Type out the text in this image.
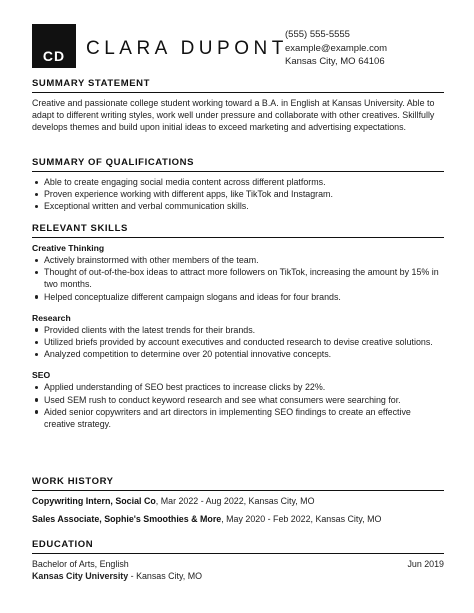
CD	CLARA DUPONT
(555) 555-5555
example@example.com
Kansas City, MO 64106
SUMMARY STATEMENT

Creative and passionate college student working toward a B.A. in English at Kansas University. Able to adapt to different writing styles, work well under pressure and collaborate with other creatives. Skillfully develops themes and build upon initial ideas to exceed marketing and advertising expectations.

SUMMARY OF QUALIFICATIONS
Able to create engaging social media content across different platforms.
Proven experience working with different apps, like TikTok and Instagram.
Exceptional written and verbal communication skills.
RELEVANT SKILLS
Creative Thinking
Actively brainstormed with other members of the team.
Thought of out-of-the-box ideas to attract more followers on TikTok, increasing the amount by 15% in two months.
Helped conceptualize different campaign slogans and ideas for four brands.
Research
Provided clients with the latest trends for their brands.
Utilized briefs provided by account executives and conducted research to devise creative solutions.
Analyzed competition to determine over 20 potential innovative concepts.
SEO
Applied understanding of SEO best practices to increase clicks by 22%.
Used SEM rush to conduct keyword research and see what consumers were searching for.
Aided senior copywriters and art directors in implementing SEO findings to create an effective creative strategy.
WORK HISTORY
Copywriting Intern, Social Co, Mar 2022 - Aug 2022, Kansas City, MO
Sales Associate, Sophie's Smoothies & More, May 2020 - Feb 2022, Kansas City, MO
EDUCATION
Bachelor of Arts, English	Jun 2019
Kansas City University - Kansas City, MO
